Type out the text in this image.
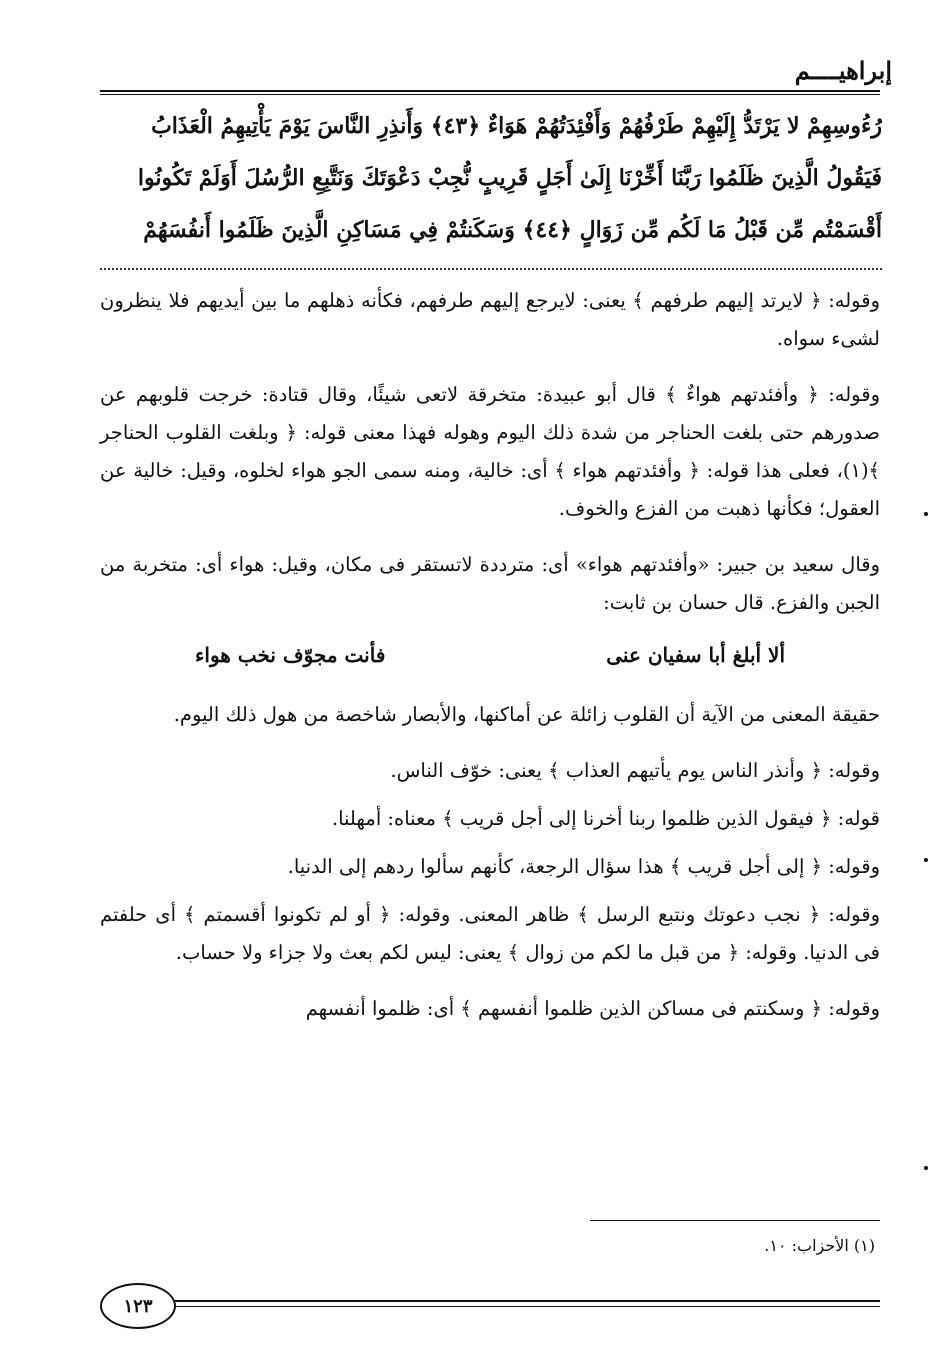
إبراهيــــم
رُءُوسِهِمْ لا يَرْتَدُّ إِلَيْهِمْ طَرْفُهُمْ وَأَفْئِدَتُهُمْ هَوَاءٌ ﴿٤٣﴾ وَأَنذِرِ النَّاسَ يَوْمَ يَأْتِيهِمُ الْعَذَابُ
فَيَقُولُ الَّذِينَ ظَلَمُوا رَبَّنَا أَخِّرْنَا إِلَىٰ أَجَلٍ قَرِيبٍ نُّجِبْ دَعْوَتَكَ وَنَتَّبِعِ الرُّسُلَ أَوَلَمْ تَكُونُوا
أَقْسَمْتُم مِّن قَبْلُ مَا لَكُم مِّن زَوَالٍ ﴿٤٤﴾ وَسَكَنتُمْ فِي مَسَاكِنِ الَّذِينَ ظَلَمُوا أَنفُسَهُمْ

وقوله: ﴿ لايرتد إليهم طرفهم ﴾ يعنى: لايرجع إليهم طرفهم، فكأنه ذهلهم ما بين أيديهم فلا ينظرون لشىء سواه.

وقوله: ﴿ وأفئدتهم هواءٌ ﴾ قال أبو عبيدة: متخرقة لاتعى شيئًا، وقال قتادة: خرجت قلوبهم عن صدورهم حتى بلغت الحناجر من شدة ذلك اليوم وهوله فهذا معنى قوله: ﴿ وبلغت القلوب الحناجر ﴾(١)، فعلى هذا قوله: ﴿ وأفئدتهم هواء ﴾ أى: خالية، ومنه سمى الجو هواء لخلوه، وقيل: خالية عن العقول؛ فكأنها ذهبت من الفزع والخوف.

وقال سعيد بن جبير: «وأفئدتهم هواء» أى: مترددة لاتستقر فى مكان، وقيل: هواء أى: متخربة من الجبن والفزع. قال حسان بن ثابت:

ألا أبلغ أبا سفيان عنى
فأنت مجوّف نخب هواء

حقيقة المعنى من الآية أن القلوب زائلة عن أماكنها، والأبصار شاخصة من هول ذلك اليوم.

وقوله: ﴿ وأنذر الناس يوم يأتيهم العذاب ﴾ يعنى: خوّف الناس.

قوله: ﴿ فيقول الذين ظلموا ربنا أخرنا إلى أجل قريب ﴾ معناه: أمهلنا.

وقوله: ﴿ إلى أجل قريب ﴾ هذا سؤال الرجعة، كأنهم سألوا ردهم إلى الدنيا.

وقوله: ﴿ نجب دعوتك ونتبع الرسل ﴾ ظاهر المعنى. وقوله: ﴿ أو لم تكونوا أقسمتم ﴾ أى حلفتم فى الدنيا. وقوله: ﴿ من قبل ما لكم من زوال ﴾ يعنى: ليس لكم بعث ولا جزاء ولا حساب.

وقوله: ﴿ وسكنتم فى مساكن الذين ظلموا أنفسهم ﴾ أى: ظلموا أنفسهم

(١) الأحزاب: ١٠.
١٢٣
